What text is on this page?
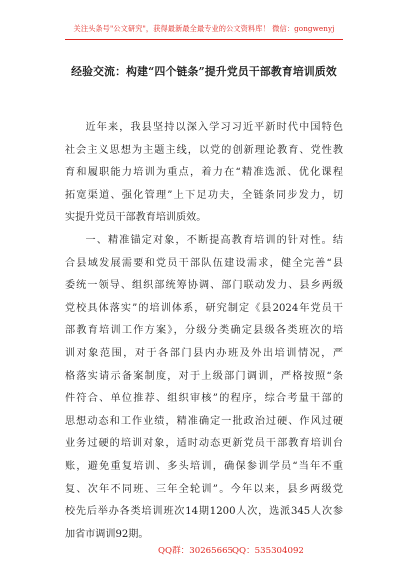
关注头条号"公文研究"，获得最新最全最专业的公文资料库！ 微信：gongwenyj
经验交流：构建“四个链条”提升党员干部教育培训质效
近年来，我县坚持以深入学习习近平新时代中国特色
社会主义思想为主题主线，以党的创新理论教育、党性教
育和履职能力培训为重点，着力在“精准选派、优化课程
拓宽渠道、强化管理”上下足功夫，全链条同步发力，切
实提升党员干部教育培训质效。
一、精准锚定对象，不断提高教育培训的针对性。结
合县域发展需要和党员干部队伍建设需求，健全完善“县
委统一领导、组织部统筹协调、部门联动发力、县乡两级
党校具体落实”的培训体系，研究制定《县2024年党员干
部教育培训工作方案》，分级分类确定县级各类班次的培
训对象范围，对于各部门县内办班及外出培训情况，严
格落实请示备案制度，对于上级部门调训，严格按照“条
件符合、单位推荐、组织审核”的程序，综合考量干部的
思想动态和工作业绩，精准确定一批政治过硬、作风过硬
业务过硬的培训对象，适时动态更新党员干部教育培训台
账，避免重复培训、多头培训，确保参训学员“当年不重
复、次年不同班、三年全轮训”。今年以来，县乡两级党
校先后举办各类培训班次14期1200人次，选派345人次参
加省市调训92期。
QQ群：30265665
QQ：535304092
